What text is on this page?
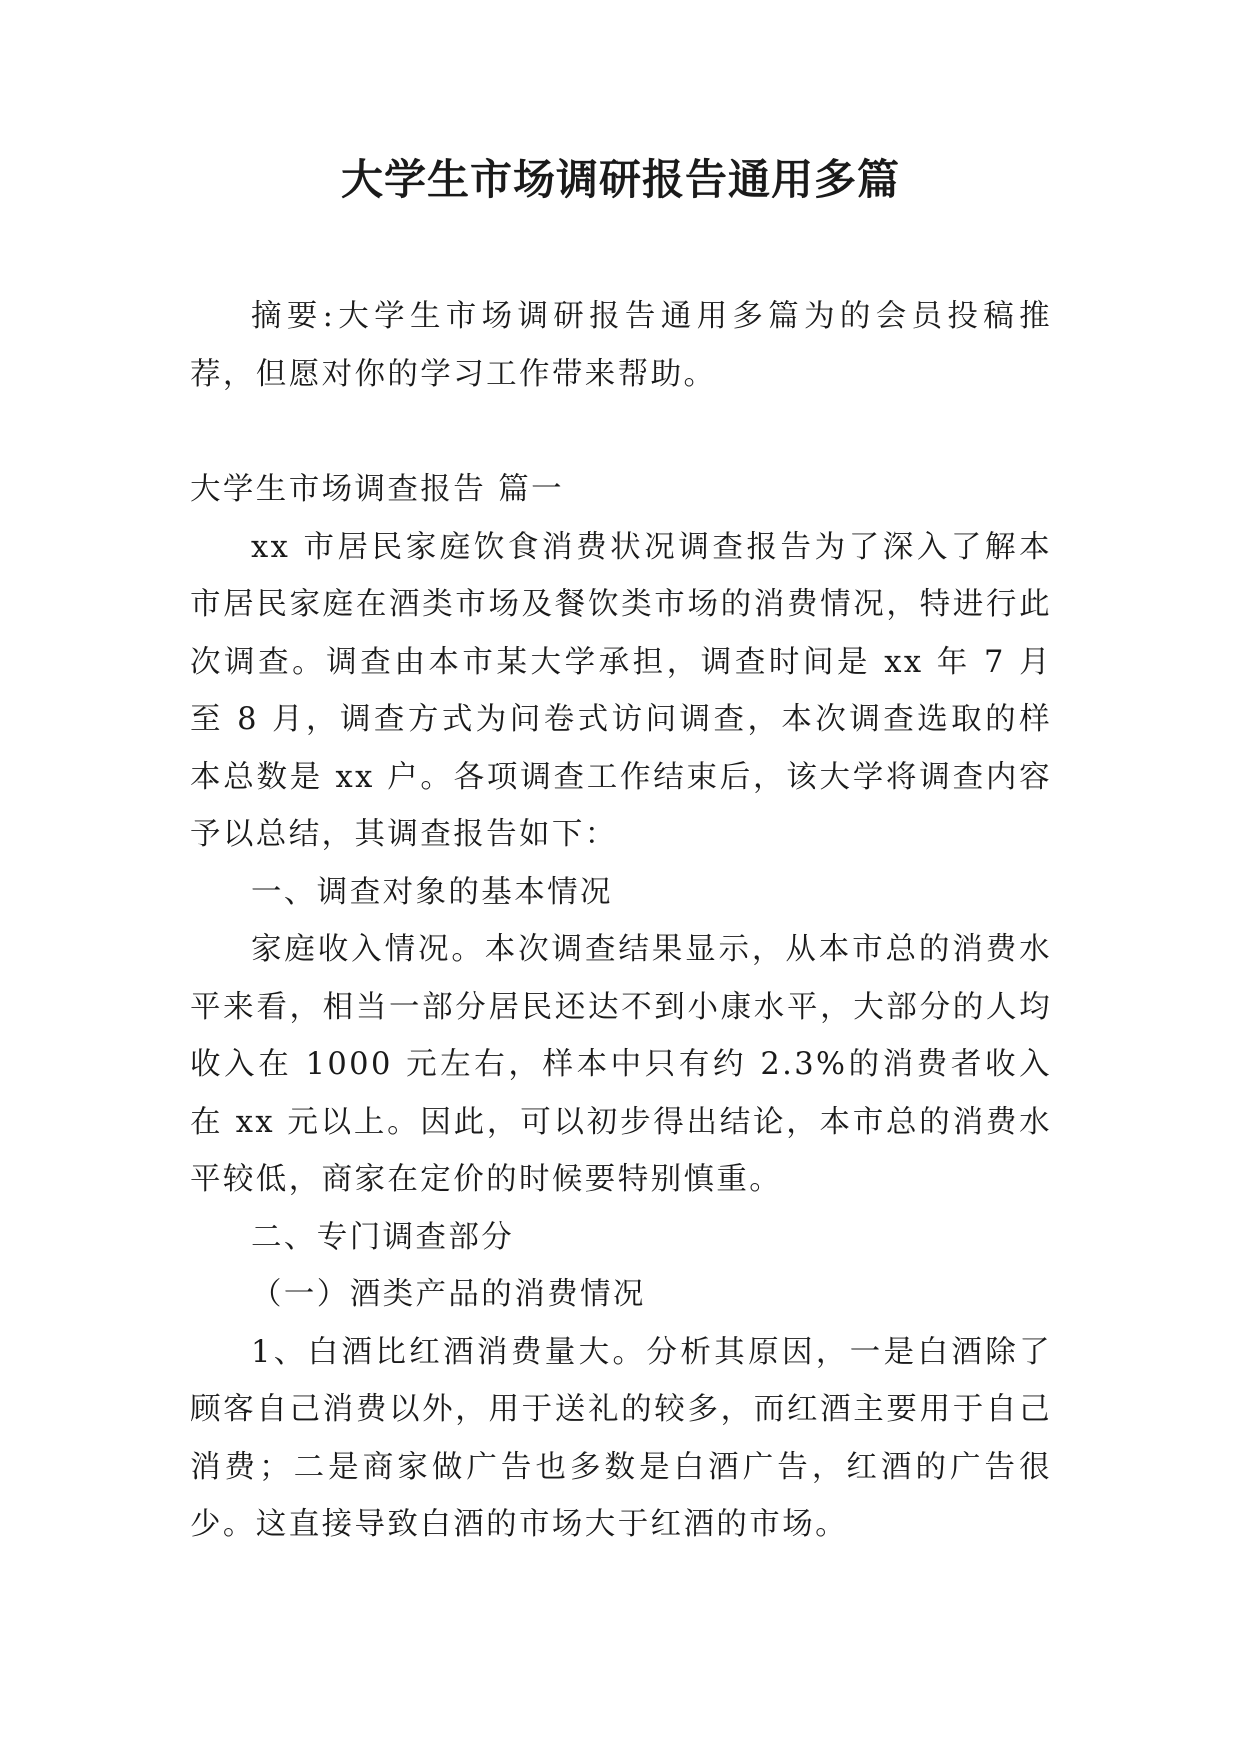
大学生市场调研报告通用多篇

摘要:大学生市场调研报告通用多篇为的会员投稿推荐，但愿对你的学习工作带来帮助。

大学生市场调查报告 篇一

xx 市居民家庭饮食消费状况调查报告为了深入了解本市居民家庭在酒类市场及餐饮类市场的消费情况，特进行此次调查。调查由本市某大学承担，调查时间是 xx 年 7 月至 8 月，调查方式为问卷式访问调查，本次调查选取的样本总数是 xx 户。各项调查工作结束后，该大学将调查内容予以总结，其调查报告如下：

一、调查对象的基本情况

家庭收入情况。本次调查结果显示，从本市总的消费水平来看，相当一部分居民还达不到小康水平，大部分的人均收入在 1000 元左右，样本中只有约 2.3%的消费者收入在 xx 元以上。因此，可以初步得出结论，本市总的消费水平较低，商家在定价的时候要特别慎重。

二、专门调查部分

（一）酒类产品的消费情况

1、白酒比红酒消费量大。分析其原因，一是白酒除了顾客自己消费以外，用于送礼的较多，而红酒主要用于自己消费；二是商家做广告也多数是白酒广告，红酒的广告很少。这直接导致白酒的市场大于红酒的市场。
